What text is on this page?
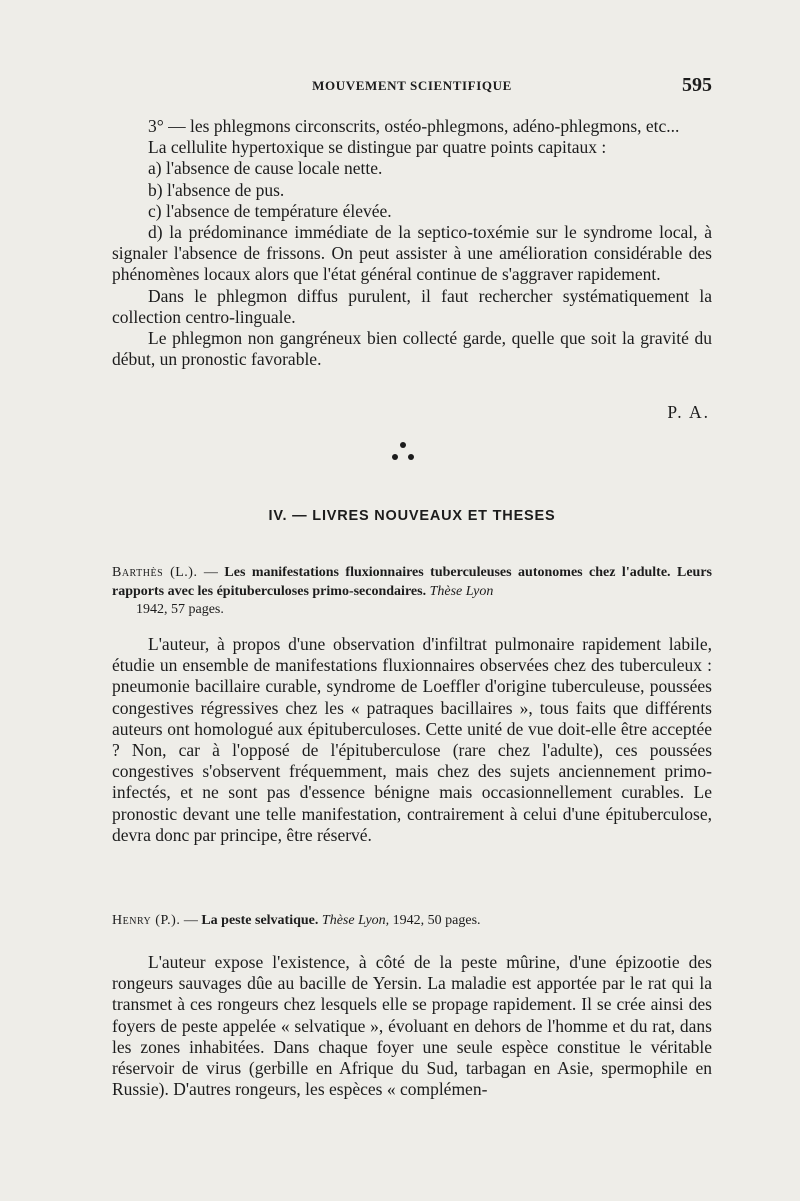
MOUVEMENT SCIENTIFIQUE	595

3° — les phlegmons circonscrits, ostéo-phlegmons, adéno-phlegmons, etc...

La cellulite hypertoxique se distingue par quatre points capitaux :

a) l'absence de cause locale nette.

b) l'absence de pus.

c) l'absence de température élevée.

d) la prédominance immédiate de la septico-toxémie sur le syndrome local, à signaler l'absence de frissons. On peut assister à une amélioration considérable des phénomènes locaux alors que l'état général continue de s'aggraver rapidement.

Dans le phlegmon diffus purulent, il faut rechercher systématiquement la collection centro-linguale.

Le phlegmon non gangréneux bien collecté garde, quelle que soit la gravité du début, un pronostic favorable.

P. A.
IV. — LIVRES NOUVEAUX ET THESES

Barthès (L.). — Les manifestations fluxionnaires tuberculeuses autonomes chez l'adulte. Leurs rapports avec les épituberculoses primo-secondaires. Thèse Lyon
1942, 57 pages.

L'auteur, à propos d'une observation d'infiltrat pulmonaire rapidement labile, étudie un ensemble de manifestations fluxionnaires observées chez des tuberculeux : pneumonie bacillaire curable, syndrome de Loeffler d'origine tuberculeuse, poussées congestives régressives chez les « patraques bacillaires », tous faits que différents auteurs ont homologué aux épituberculoses. Cette unité de vue doit-elle être acceptée ? Non, car à l'opposé de l'épituberculose (rare chez l'adulte), ces poussées congestives s'observent fréquemment, mais chez des sujets anciennement primo-infectés, et ne sont pas d'essence bénigne mais occasionnellement curables. Le pronostic devant une telle manifestation, contrairement à celui d'une épituberculose, devra donc par principe, être réservé.

Henry (P.). — La peste selvatique. Thèse Lyon, 1942, 50 pages.

L'auteur expose l'existence, à côté de la peste mûrine, d'une épizootie des rongeurs sauvages dûe au bacille de Yersin. La maladie est apportée par le rat qui la transmet à ces rongeurs chez lesquels elle se propage rapidement. Il se crée ainsi des foyers de peste appelée « selvatique », évoluant en dehors de l'homme et du rat, dans les zones inhabitées. Dans chaque foyer une seule espèce constitue le véritable réservoir de virus (gerbille en Afrique du Sud, tarbagan en Asie, spermophile en Russie). D'autres rongeurs, les espèces « complémen-
